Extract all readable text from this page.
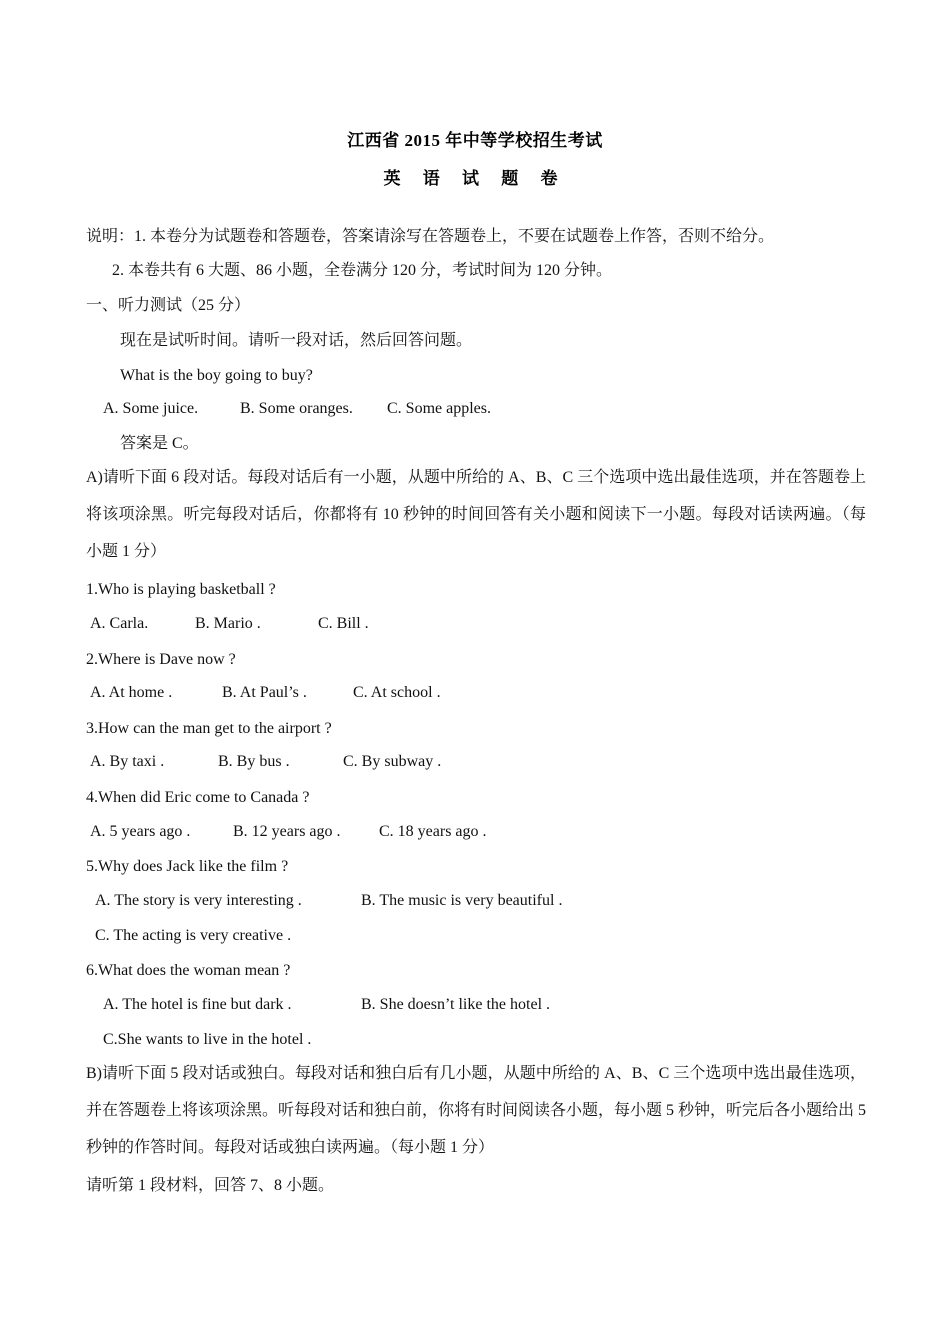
江西省 2015 年中等学校招生考试
英 语 试 题 卷
说明：1. 本卷分为试题卷和答题卷，答案请涂写在答题卷上，不要在试题卷上作答，否则不给分。
2. 本卷共有 6 大题、86 小题，全卷满分 120 分，考试时间为 120 分钟。
一、听力测试（25 分）
现在是试听时间。请听一段对话，然后回答问题。
What is the boy going to buy?
A. Some juice.	B. Some oranges. C. Some apples.
答案是 C。
A)请听下面 6 段对话。每段对话后有一小题，从题中所给的 A、B、C 三个选项中选出最佳选项，并在答题卷上将该项涂黑。听完每段对话后，你都将有 10 秒钟的时间回答有关小题和阅读下一小题。每段对话读两遍。（每小题 1 分）
1.Who is playing basketball ?
A. Carla.	B. Mario .	C. Bill .
2.Where is Dave now ?
A. At home .	B. At Paul’s .	C. At school .
3.How can the man get to the airport ?
A. By taxi .	B. By bus .	C. By subway .
4.When did Eric come to Canada ?
A. 5 years ago .	B. 12 years ago . C. 18 years ago .
5.Why does Jack like the film ?
A. The story is very interesting .	B. The music is very beautiful .
C. The acting is very creative .
6.What does the woman mean ?
A. The hotel is fine but dark .	B. She doesn’t like the hotel .
C.She wants to live in the hotel .
B)请听下面 5 段对话或独白。每段对话和独白后有几小题，从题中所给的 A、B、C 三个选项中选出最佳选项，并在答题卷上将该项涂黑。听每段对话和独白前，你将有时间阅读各小题，每小题 5 秒钟，听完后各小题给出 5 秒钟的作答时间。每段对话或独白读两遍。（每小题 1 分）
请听第 1 段材料，回答 7、8 小题。
